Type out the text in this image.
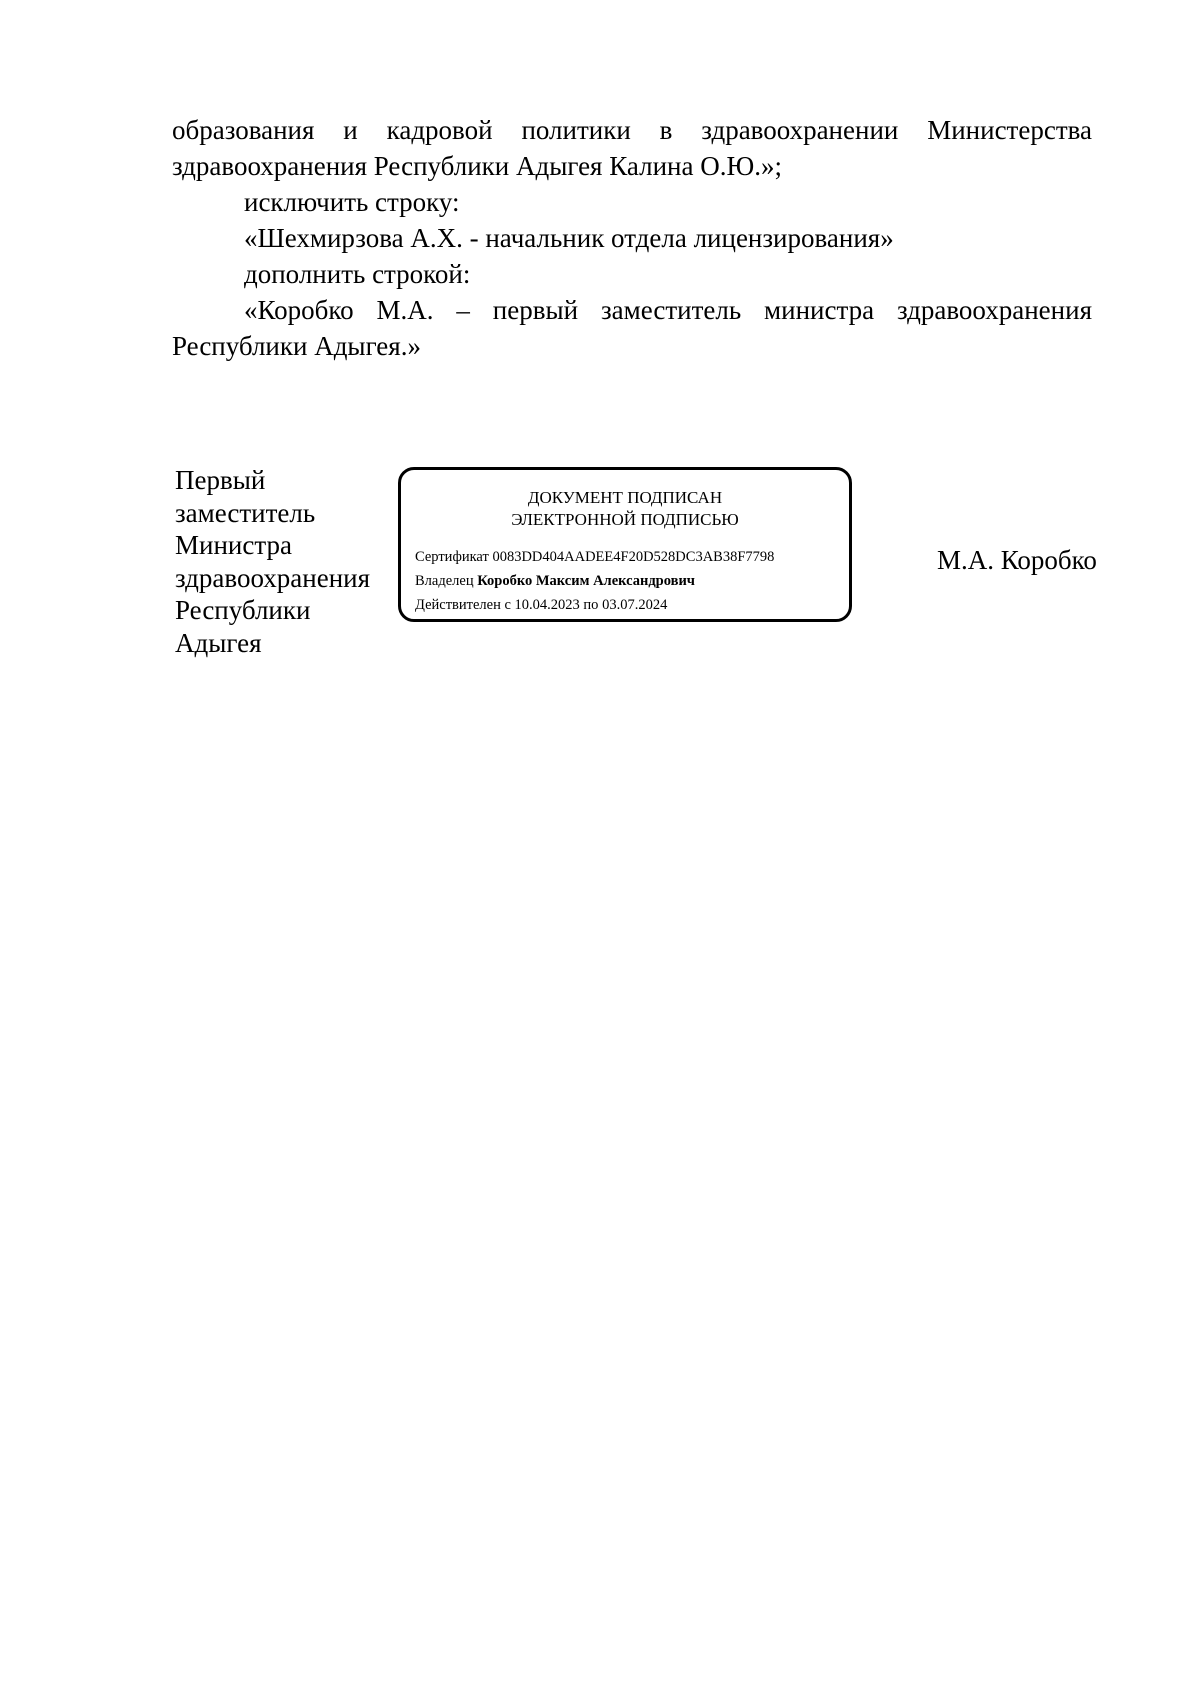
образования и кадровой политики в здравоохранении Министерства здравоохранения Республики Адыгея Калина О.Ю.»;

исключить строку:

«Шехмирзова А.Х. - начальник отдела лицензирования»

дополнить строкой:

«Коробко М.А. – первый заместитель министра здравоохранения Республики Адыгея.»

Первый
заместитель
Министра
здравоохранения
Республики
Адыгея
ДОКУМЕНТ ПОДПИСАН
ЭЛЕКТРОННОЙ ПОДПИСЬЮ
Сертификат 0083DD404AADEE4F20D528DC3AB38F7798
Владелец Коробко Максим Александрович
Действителен с 10.04.2023 по 03.07.2024
М.А. Коробко
